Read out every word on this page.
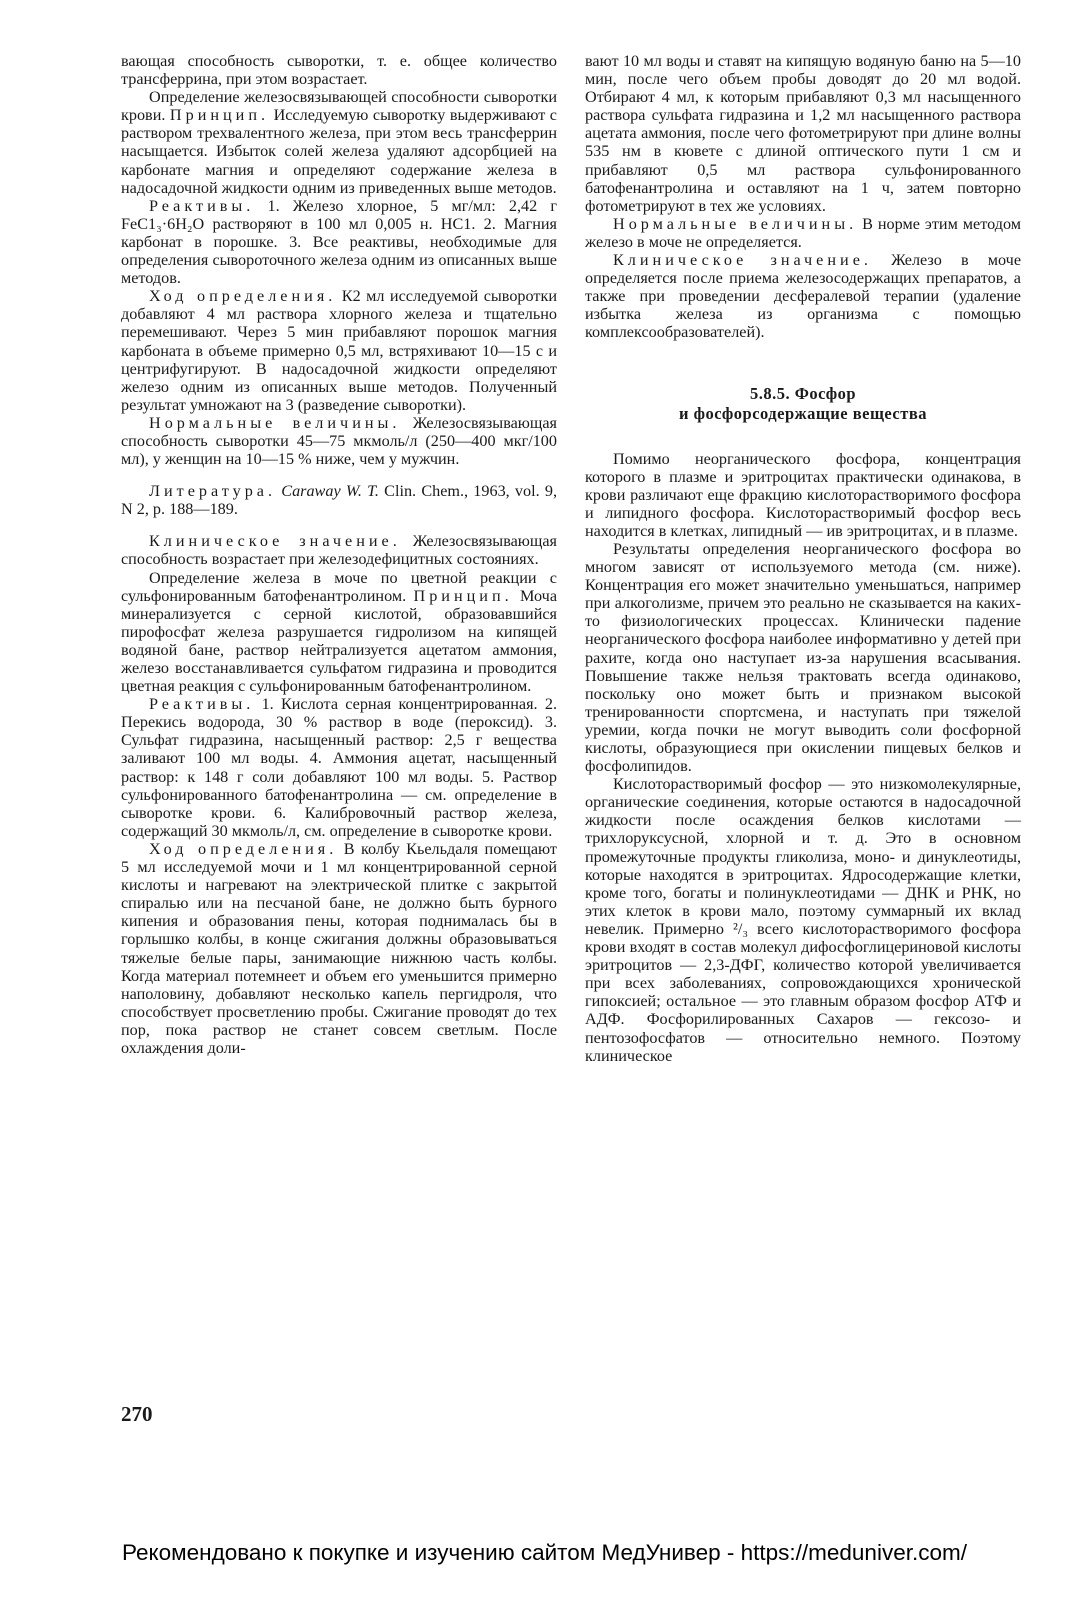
вающая способность сыворотки, т. е. общее количество трансферрина, при этом возрастает.

Определение железосвязывающей способности сыворотки крови. Принцип. Исследуемую сыворотку выдерживают с раствором трехвалентного железа, при этом весь трансферрин насыщается. Избыток солей железа удаляют адсорбцией на карбонате магния и определяют содержание железа в надосадочной жидкости одним из приведенных выше методов.

Реактивы. 1. Железо хлорное, 5 мг/мл: 2,42 г FeC1₃·6H₂O растворяют в 100 мл 0,005 н. НС1. 2. Магния карбонат в порошке. 3. Все реактивы, необходимые для определения сывороточного железа одним из описанных выше методов.

Ход определения. К2 мл исследуемой сыворотки добавляют 4 мл раствора хлорного железа и тщательно перемешивают. Через 5 мин прибавляют порошок магния карбоната в объеме примерно 0,5 мл, встряхивают 10—15 с и центрифугируют. В надосадочной жидкости определяют железо одним из описанных выше методов. Полученный результат умножают на 3 (разведение сыворотки).

Нормальные величины. Железосвязывающая способность сыворотки 45—75 мкмоль/л (250—400 мкг/100 мл), у женщин на 10—15 % ниже, чем у мужчин.

Литература. Caraway W. T. Clin. Chem., 1963, vol. 9, N 2, p. 188—189.

Клиническое значение. Железосвязывающая способность возрастает при железодефицитных состояниях.

Определение железа в моче по цветной реакции с сульфонированным батофенантролином. Принцип. Моча минерализуется с серной кислотой, образовавшийся пирофосфат железа разрушается гидролизом на кипящей водяной бане, раствор нейтрализуется ацетатом аммония, железо восстанавливается сульфатом гидразина и проводится цветная реакция с сульфонированным батофенантролином.

Реактивы. 1. Кислота серная концентрированная. 2. Перекись водорода, 30 % раствор в воде (пероксид). 3. Сульфат гидразина, насыщенный раствор: 2,5 г вещества заливают 100 мл воды. 4. Аммония ацетат, насыщенный раствор: к 148 г соли добавляют 100 мл воды. 5. Раствор сульфонированного батофенантролина — см. определение в сыворотке крови. 6. Калибровочный раствор железа, содержащий 30 мкмоль/л, см. определение в сыворотке крови.

Ход определения. В колбу Кьельдаля помещают 5 мл исследуемой мочи и 1 мл концентрированной серной кислоты и нагревают на электрической плитке с закрытой спиралью или на песчаной бане, не должно быть бурного кипения и образования пены, которая поднималась бы в горлышко колбы, в конце сжигания должны образовываться тяжелые белые пары, занимающие нижнюю часть колбы. Когда материал потемнеет и объем его уменьшится примерно наполовину, добавляют несколько капель пергидроля, что способствует просветлению пробы. Сжигание проводят до тех пор, пока раствор не станет совсем светлым. После охлаждения доли-

вают 10 мл воды и ставят на кипящую водяную баню на 5—10 мин, после чего объем пробы доводят до 20 мл водой. Отбирают 4 мл, к которым прибавляют 0,3 мл насыщенного раствора сульфата гидразина и 1,2 мл насыщенного раствора ацетата аммония, после чего фотометрируют при длине волны 535 нм в кювете с длиной оптического пути 1 см и прибавляют 0,5 мл раствора сульфонированного батофенантролина и оставляют на 1 ч, затем повторно фотометрируют в тех же условиях.

Нормальные величины. В норме этим методом железо в моче не определяется.

Клиническое значение. Железо в моче определяется после приема железосодержащих препаратов, а также при проведении десфералевой терапии (удаление избытка железа из организма с помощью комплексообразователей).

5.8.5. Фосфор

и фосфорсодержащие вещества

Помимо неорганического фосфора, концентрация которого в плазме и эритроцитах практически одинакова, в крови различают еще фракцию кислоторастворимого фосфора и липидного фосфора. Кислоторастворимый фосфор весь находится в клетках, липидный — ив эритроцитах, и в плазме.

Результаты определения неорганического фосфора во многом зависят от используемого метода (см. ниже). Концентрация его может значительно уменьшаться, например при алкоголизме, причем это реально не сказывается на каких-то физиологических процессах. Клинически падение неорганического фосфора наиболее информативно у детей при рахите, когда оно наступает из-за нарушения всасывания. Повышение также нельзя трактовать всегда одинаково, поскольку оно может быть и признаком высокой тренированности спортсмена, и наступать при тяжелой уремии, когда почки не могут выводить соли фосфорной кислоты, образующиеся при окислении пищевых белков и фосфолипидов.

Кислоторастворимый фосфор — это низкомолекулярные, органические соединения, которые остаются в надосадочной жидкости после осаждения белков кислотами — трихлоруксусной, хлорной и т. д. Это в основном промежуточные продукты гликолиза, моно- и динуклеотиды, которые находятся в эритроцитах. Ядросодержащие клетки, кроме того, богаты и полинуклеотидами — ДНК и РНК, но этих клеток в крови мало, поэтому суммарный их вклад невелик. Примерно ²/₃ всего кислоторастворимого фосфора крови входят в состав молекул дифосфоглицериновой кислоты эритроцитов — 2,3-ДФГ, количество которой увеличивается при всех заболеваниях, сопровождающихся хронической гипоксией; остальное — это главным образом фосфор АТФ и АДФ. Фосфорилированных Сахаров — гексозо- и пентозофосфатов — относительно немного. Поэтому клиническое

270
Рекомендовано к покупке и изучению сайтом МедУнивер - https://meduniver.com/
